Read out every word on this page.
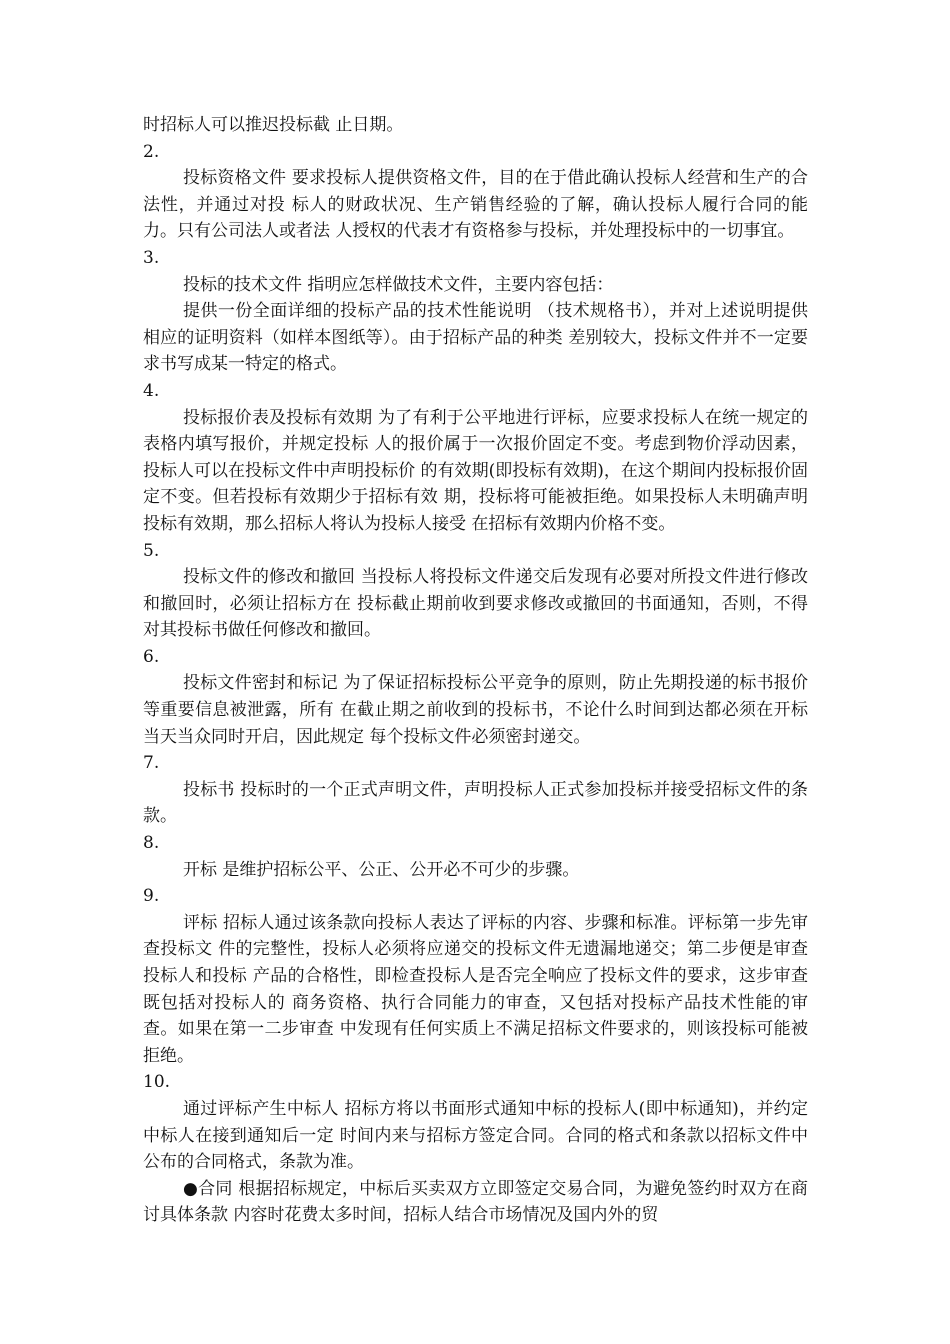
时招标人可以推迟投标截 止日期。

2.

投标资格文件 要求投标人提供资格文件，目的在于借此确认投标人经营和生产的合法性，并通过对投 标人的财政状况、生产销售经验的了解，确认投标人履行合同的能力。只有公司法人或者法 人授权的代表才有资格参与投标，并处理投标中的一切事宜。

3.

投标的技术文件 指明应怎样做技术文件，主要内容包括：

提供一份全面详细的投标产品的技术性能说明 （技术规格书），并对上述说明提供相应的证明资料（如样本图纸等）。由于招标产品的种类 差别较大，投标文件并不一定要求书写成某一特定的格式。

4.

投标报价表及投标有效期 为了有利于公平地进行评标，应要求投标人在统一规定的表格内填写报价，并规定投标 人的报价属于一次报价固定不变。考虑到物价浮动因素，投标人可以在投标文件中声明投标价 的有效期(即投标有效期)，在这个期间内投标报价固定不变。但若投标有效期少于招标有效 期，投标将可能被拒绝。如果投标人未明确声明投标有效期，那么招标人将认为投标人接受 在招标有效期内价格不变。

5.

投标文件的修改和撤回 当投标人将投标文件递交后发现有必要对所投文件进行修改和撤回时，必须让招标方在 投标截止期前收到要求修改或撤回的书面通知，否则，不得对其投标书做任何修改和撤回。

6.

投标文件密封和标记 为了保证招标投标公平竞争的原则，防止先期投递的标书报价等重要信息被泄露，所有 在截止期之前收到的投标书，不论什么时间到达都必须在开标当天当众同时开启，因此规定 每个投标文件必须密封递交。

7.

投标书 投标时的一个正式声明文件，声明投标人正式参加投标并接受招标文件的条款。

8.

开标 是维护招标公平、公正、公开必不可少的步骤。

9.

评标 招标人通过该条款向投标人表达了评标的内容、步骤和标准。评标第一步先审查投标文 件的完整性，投标人必须将应递交的投标文件无遗漏地递交；第二步便是审查投标人和投标 产品的合格性，即检查投标人是否完全响应了投标文件的要求，这步审查既包括对投标人的 商务资格、执行合同能力的审查，又包括对投标产品技术性能的审查。如果在第一二步审查 中发现有任何实质上不满足招标文件要求的，则该投标可能被拒绝。

10.

通过评标产生中标人 招标方将以书面形式通知中标的投标人(即中标通知)，并约定中标人在接到通知后一定 时间内来与招标方签定合同。合同的格式和条款以招标文件中公布的合同格式，条款为准。

●合同 根据招标规定，中标后买卖双方立即签定交易合同，为避免签约时双方在商讨具体条款 内容时花费太多时间，招标人结合市场情况及国内外的贸
